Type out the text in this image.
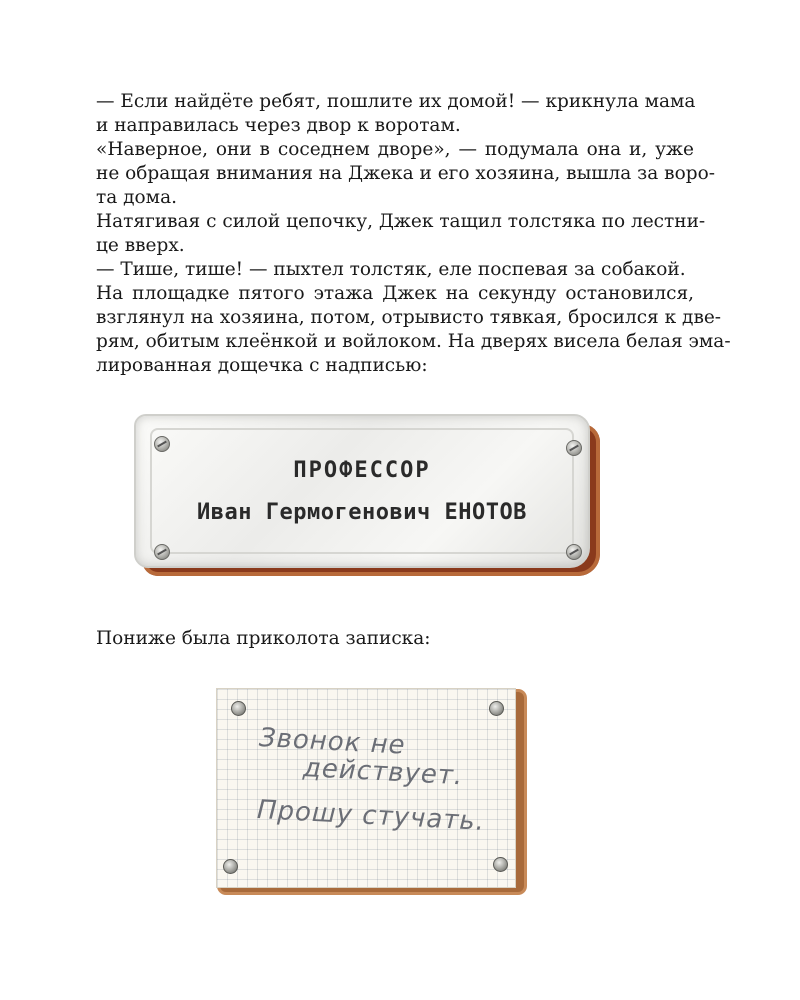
— Если найдёте ребят, пошлите их домой! — крикнула мама
и направилась через двор к воротам.
«Наверное, они в соседнем дворе», — подумала она и, уже
не обращая внимания на Джека и его хозяина, вышла за воро-
та дома.
Натягивая с силой цепочку, Джек тащил толстяка по лестни-
це вверх.
— Тише, тише! — пыхтел толстяк, еле поспевая за собакой.
На площадке пятого этажа Джек на секунду остановился,
взглянул на хозяина, потом, отрывисто тявкая, бросился к две-
рям, обитым клеёнкой и войлоком. На дверях висела белая эма-
лированная дощечка с надписью:
ПРОФЕССОР
Иван Гермогенович ЕНОТОВ
Пониже была приколота записка:
Звонок не
действует.
Прошу стучать.
